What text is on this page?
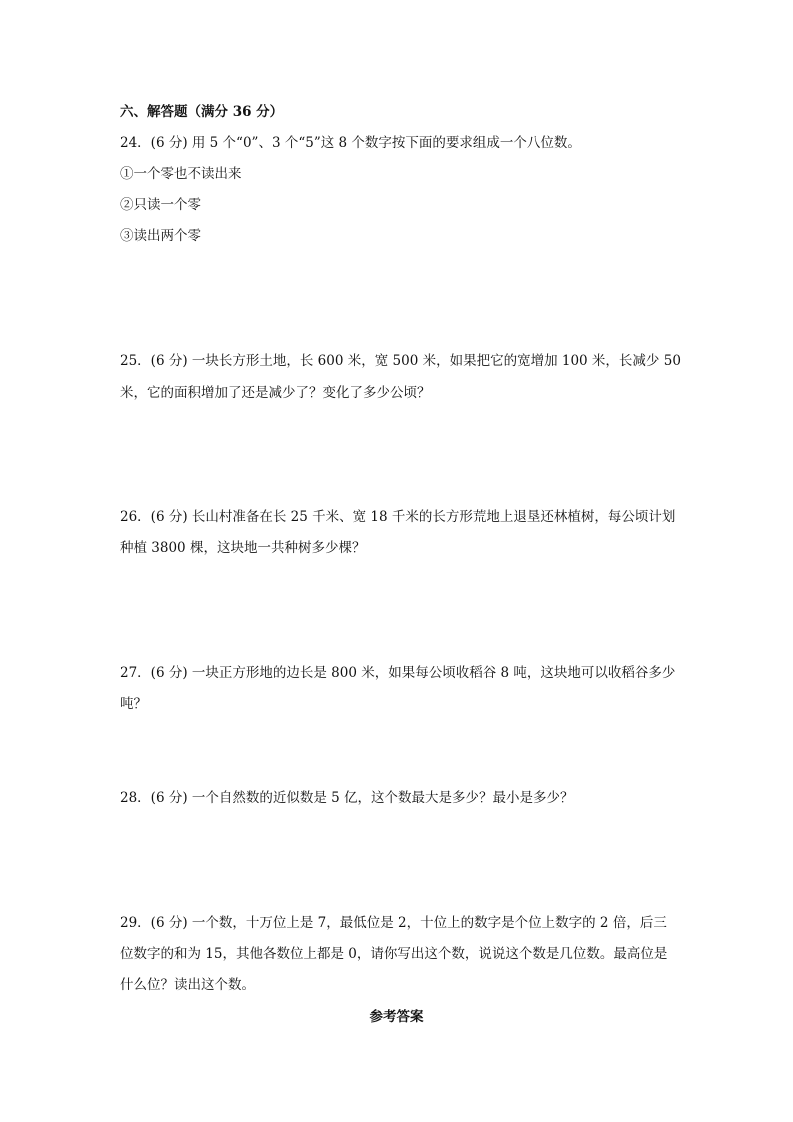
六、解答题（满分 36 分）
24．(6 分) 用 5 个“0”、3 个“5”这 8 个数字按下面的要求组成一个八位数。
①一个零也不读出来
②只读一个零
③读出两个零
25．(6 分) 一块长方形土地，长 600 米，宽 500 米，如果把它的宽增加 100 米，长减少 50
米，它的面积增加了还是减少了？变化了多少公顷？
26．(6 分) 长山村准备在长 25 千米、宽 18 千米的长方形荒地上退垦还林植树，每公顷计划
种植 3800 棵，这块地一共种树多少棵？
27．(6 分) 一块正方形地的边长是 800 米，如果每公顷收稻谷 8 吨，这块地可以收稻谷多少
吨？
28．(6 分) 一个自然数的近似数是 5 亿，这个数最大是多少？最小是多少？
29．(6 分) 一个数，十万位上是 7，最低位是 2，十位上的数字是个位上数字的 2 倍，后三
位数字的和为 15，其他各数位上都是 0，请你写出这个数，说说这个数是几位数。最高位是
什么位？读出这个数。
参考答案
